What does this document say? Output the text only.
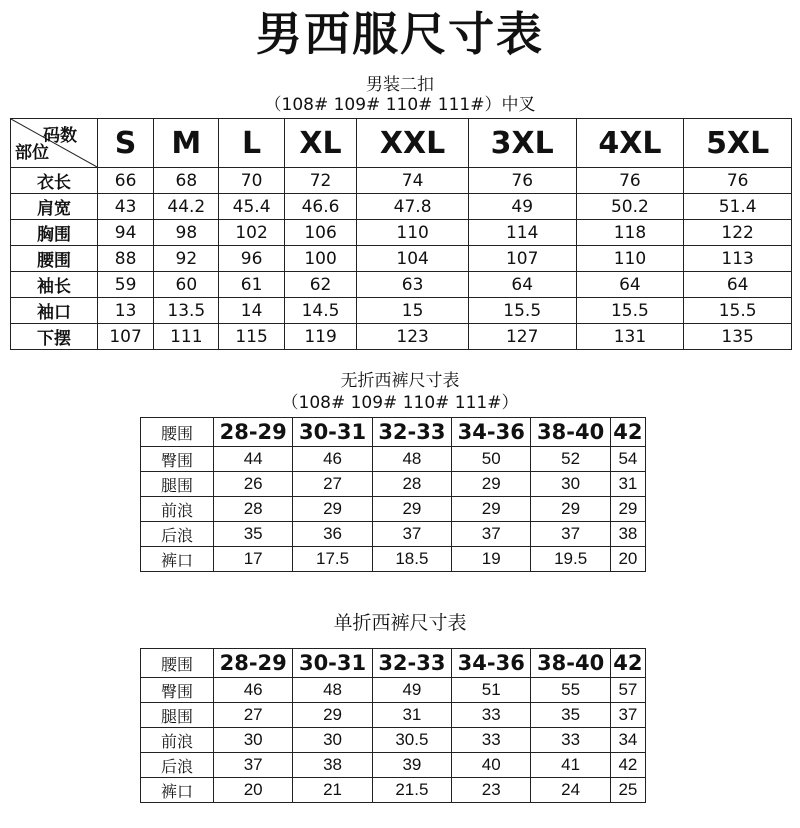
男西服尺寸表
男装二扣
（108# 109# 110# 111#）中叉
码数
部位	S	M	L	XL	XXL	3XL	4XL	5XL
衣长	66	68	70	72	74	76	76	76
肩宽	43	44.2	45.4	46.6	47.8	49	50.2	51.4
胸围	94	98	102	106	110	114	118	122
腰围	88	92	96	100	104	107	110	113
袖长	59	60	61	62	63	64	64	64
袖口	13	13.5	14	14.5	15	15.5	15.5	15.5
下摆	107	111	115	119	123	127	131	135
无折西裤尺寸表
（108# 109# 110# 111#）
腰围	28-29	30-31	32-33	34-36	38-40	42
臀围	44	46	48	50	52	54
腿围	26	27	28	29	30	31
前浪	28	29	29	29	29	29
后浪	35	36	37	37	37	38
裤口	17	17.5	18.5	19	19.5	20
单折西裤尺寸表
腰围	28-29	30-31	32-33	34-36	38-40	42
臀围	46	48	49	51	55	57
腿围	27	29	31	33	35	37
前浪	30	30	30.5	33	33	34
后浪	37	38	39	40	41	42
裤口	20	21	21.5	23	24	25
